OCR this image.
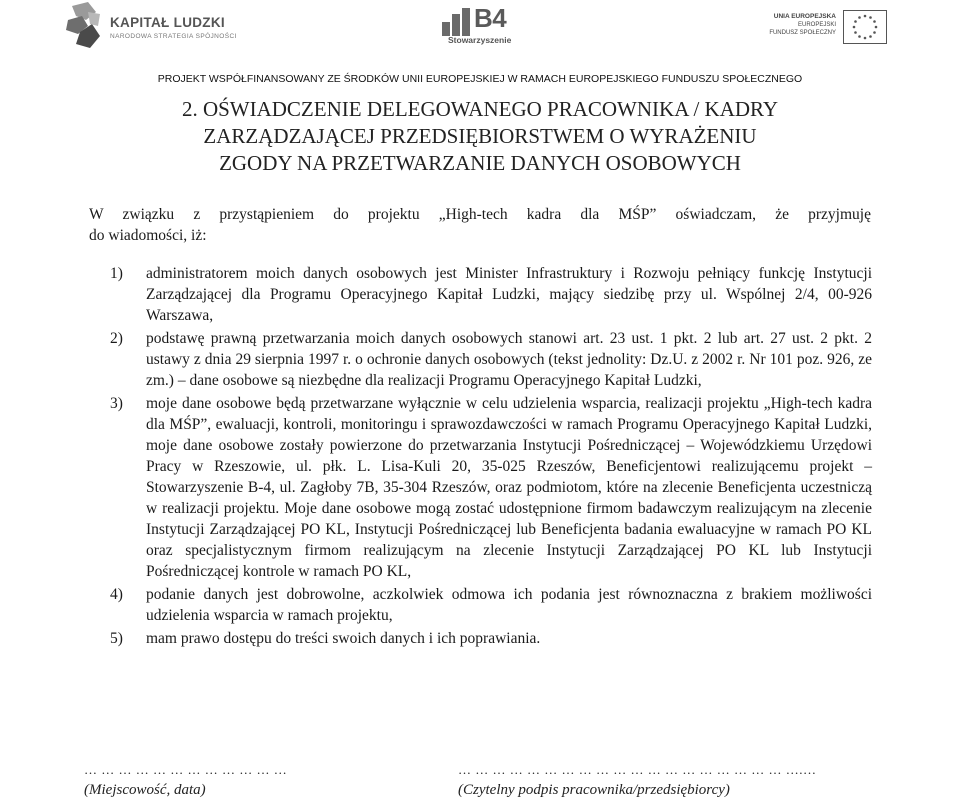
KAPITAŁ LUDZKI
NARODOWA STRATEGIA SPÓJNOŚCI
B4
Stowarzyszenie
UNIA EUROPEJSKA
EUROPEJSKI
FUNDUSZ SPOŁECZNY
PROJEKT WSPÓŁFINANSOWANY ZE ŚRODKÓW UNII EUROPEJSKIEJ W RAMACH EUROPEJSKIEGO FUNDUSZU SPOŁECZNEGO
2. OŚWIADCZENIE DELEGOWANEGO PRACOWNIKA / KADRY
ZARZĄDZAJĄCEJ PRZEDSIĘBIORSTWEM O WYRAŻENIU
ZGODY NA PRZETWARZANIE DANYCH OSOBOWYCH
W związku z przystąpieniem do projektu „High-tech kadra dla MŚP” oświadczam, że przyjmuję
do wiadomości, iż:
1) administratorem moich danych osobowych jest Minister Infrastruktury i Rozwoju pełniący funkcję Instytucji Zarządzającej dla Programu Operacyjnego Kapitał Ludzki, mający siedzibę przy ul. Wspólnej 2/4, 00-926 Warszawa,
2) podstawę prawną przetwarzania moich danych osobowych stanowi art. 23 ust. 1 pkt. 2 lub art. 27 ust. 2 pkt. 2 ustawy z dnia 29 sierpnia 1997 r. o ochronie danych osobowych (tekst jednolity: Dz.U. z 2002 r. Nr 101 poz. 926, ze zm.) – dane osobowe są niezbędne dla realizacji Programu Operacyjnego Kapitał Ludzki,
3) moje dane osobowe będą przetwarzane wyłącznie w celu udzielenia wsparcia, realizacji projektu „High-tech kadra dla MŚP”, ewaluacji, kontroli, monitoringu i sprawozdawczości w ramach Programu Operacyjnego Kapitał Ludzki, moje dane osobowe zostały powierzone do przetwarzania Instytucji Pośredniczącej – Wojewódzkiemu Urzędowi Pracy w Rzeszowie, ul. płk. L. Lisa-Kuli 20, 35-025 Rzeszów, Beneficjentowi realizującemu projekt – Stowarzyszenie B-4, ul. Zagłoby 7B, 35-304 Rzeszów, oraz podmiotom, które na zlecenie Beneficjenta uczestniczą w realizacji projektu. Moje dane osobowe mogą zostać udostępnione firmom badawczym realizującym na zlecenie Instytucji Zarządzającej PO KL, Instytucji Pośredniczącej lub Beneficjenta badania ewaluacyjne w ramach PO KL oraz specjalistycznym firmom realizującym na zlecenie Instytucji Zarządzającej PO KL lub Instytucji Pośredniczącej kontrole w ramach PO KL,
4) podanie danych jest dobrowolne, aczkolwiek odmowa ich podania jest równoznaczna z brakiem możliwości udzielenia wsparcia w ramach projektu,
5) mam prawo dostępu do treści swoich danych i ich poprawiania.
… … … … … … … … … … … …
(Miejscowość, data)
… … … … … … … … … … … … … … … … … … … ….…
(Czytelny podpis pracownika/przedsiębiorcy)
